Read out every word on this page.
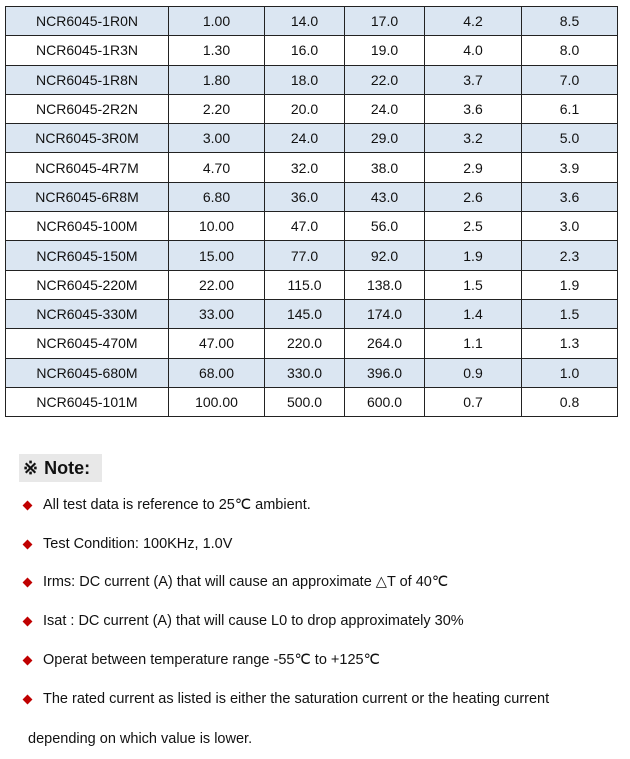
NCR6045-1R0N	1.00	14.0	17.0	4.2	8.5
NCR6045-1R3N	1.30	16.0	19.0	4.0	8.0
NCR6045-1R8N	1.80	18.0	22.0	3.7	7.0
NCR6045-2R2N	2.20	20.0	24.0	3.6	6.1
NCR6045-3R0M	3.00	24.0	29.0	3.2	5.0
NCR6045-4R7M	4.70	32.0	38.0	2.9	3.9
NCR6045-6R8M	6.80	36.0	43.0	2.6	3.6
NCR6045-100M	10.00	47.0	56.0	2.5	3.0
NCR6045-150M	15.00	77.0	92.0	1.9	2.3
NCR6045-220M	22.00	115.0	138.0	1.5	1.9
NCR6045-330M	33.00	145.0	174.0	1.4	1.5
NCR6045-470M	47.00	220.0	264.0	1.1	1.3
NCR6045-680M	68.00	330.0	396.0	0.9	1.0
NCR6045-101M	100.00	500.0	600.0	0.7	0.8
※ Note:
All test data is reference to 25℃ ambient.
Test Condition: 100KHz, 1.0V
Irms: DC current (A) that will cause an approximate △T of 40℃
Isat : DC current (A) that will cause L0 to drop approximately 30%
Operat between temperature range -55℃ to +125℃
The rated current as listed is either the saturation current or the heating current
depending on which value is lower.
